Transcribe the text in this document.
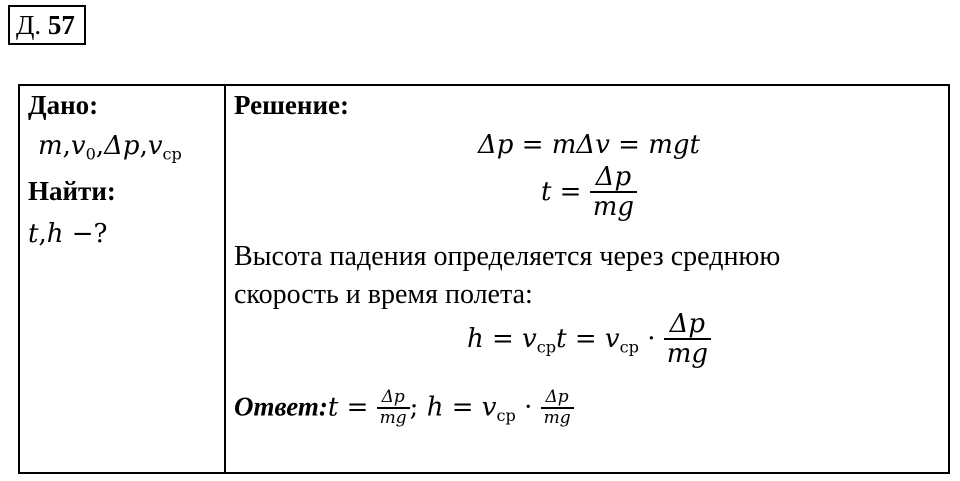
Д. 57
Дано:
$m,v_0,\Delta p,v_{ср}$
Найти:
t,h −?
Решение:
Δp = mΔv = mgt
$t = \frac{\Delta p}{mg}$
Высота падения определяется через среднюю
скорость и время полета:
$h = v_{ср}t = v_{ср} \cdot \frac{\Delta p}{mg}$
Ответ:t = $\frac{\Delta p}{mg}$ ; $h = v_{ср} \cdot \frac{\Delta p}{mg}$
